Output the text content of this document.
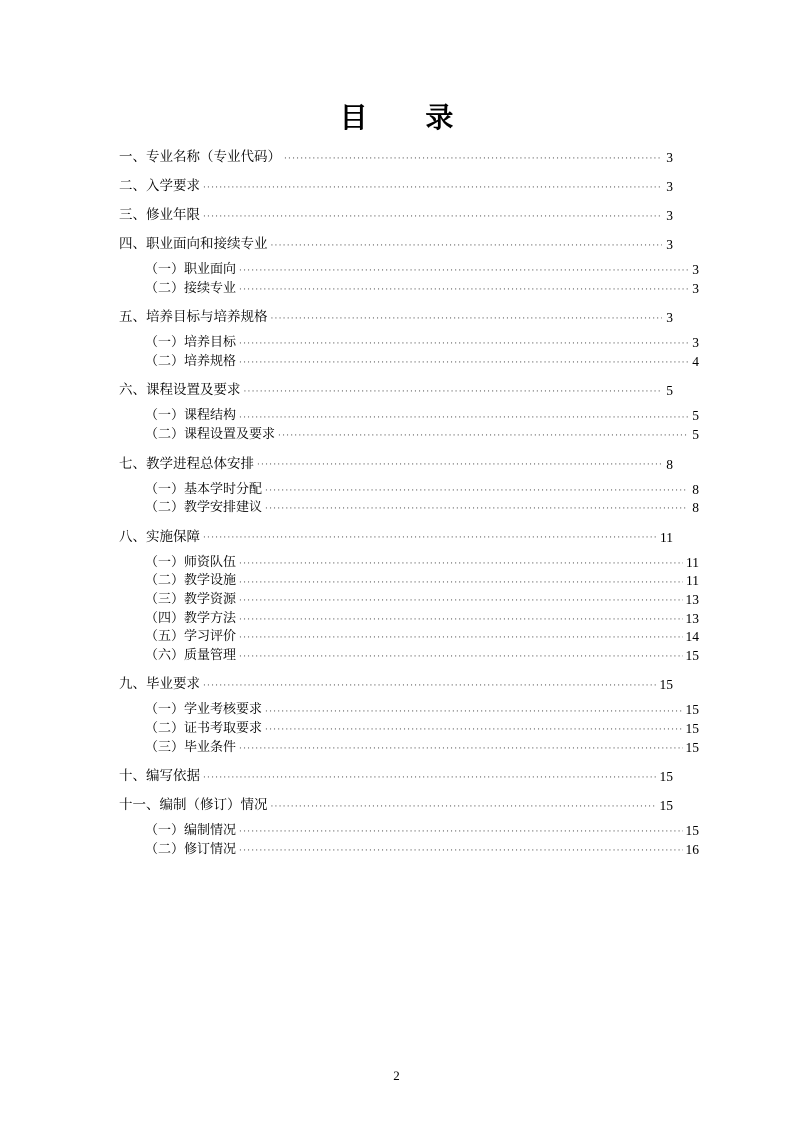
目 录
一、专业名称（专业代码） ·····	3
二、入学要求 ·····	3
三、修业年限 ·····	3
四、职业面向和接续专业 ·····	3
（一）职业面向 ·····	3
（二）接续专业 ·····	3
五、培养目标与培养规格 ·····	3
（一）培养目标 ·····	3
（二）培养规格 ·····	4
六、课程设置及要求 ·····	5
（一）课程结构 ·····	5
（二）课程设置及要求 ·····	5
七、教学进程总体安排 ·····	8
（一）基本学时分配 ·····	8
（二）教学安排建议 ·····	8
八、实施保障 ·····	11
（一）师资队伍 ·····	11
（二）教学设施 ·····	11
（三）教学资源 ·····	13
（四）教学方法 ·····	13
（五）学习评价 ·····	14
（六）质量管理 ·····	15
九、毕业要求 ·····	15
（一）学业考核要求 ·····	15
（二）证书考取要求 ·····	15
（三）毕业条件 ·····	15
十、编写依据 ·····	15
十一、编制（修订）情况 ·····	15
（一）编制情况 ·····	15
（二）修订情况 ·····	16
2
